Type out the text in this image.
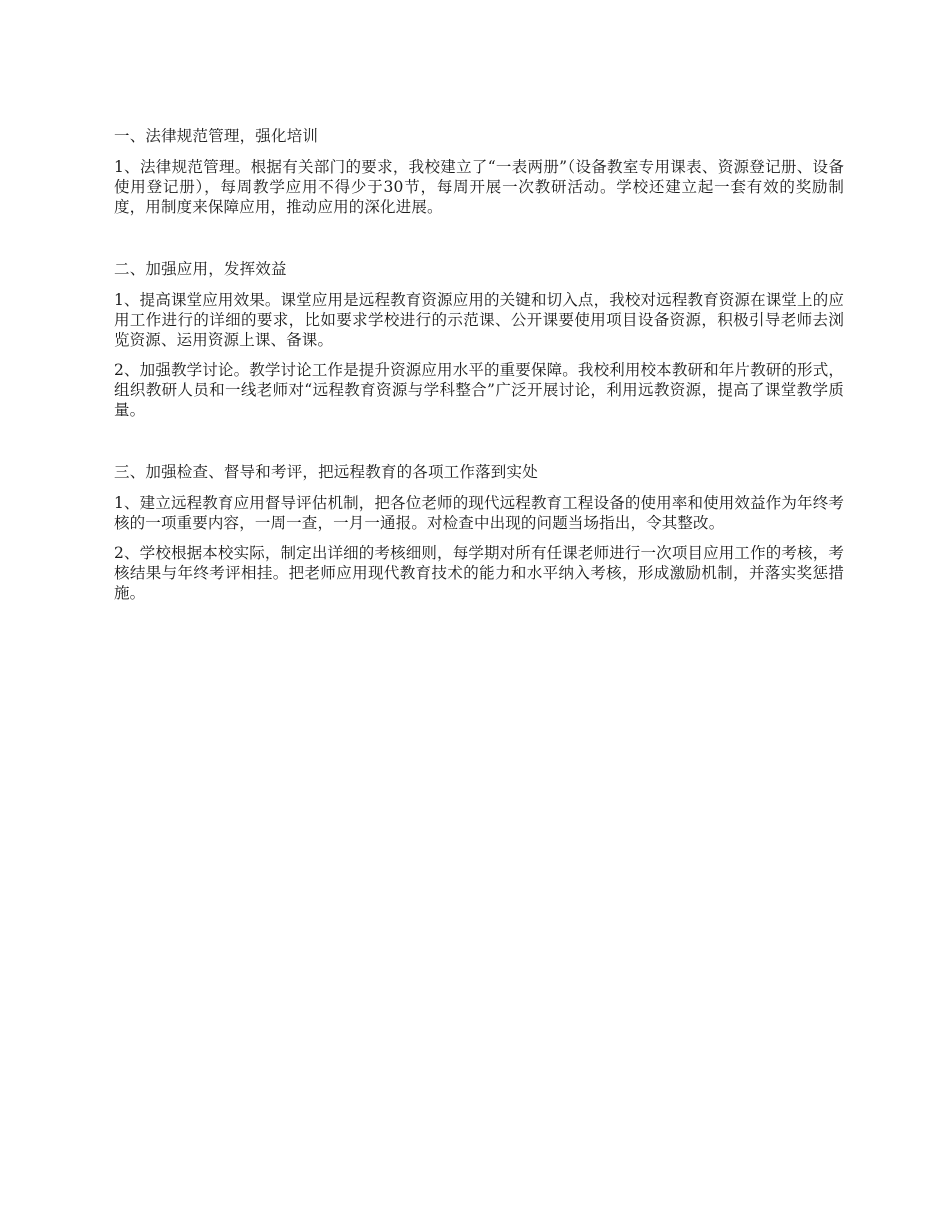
一、法律规范管理，强化培训

1、法律规范管理。根据有关部门的要求，我校建立了“一表两册”（设备教室专用课表、资源登记册、设备使用登记册），每周教学应用不得少于30节，每周开展一次教研活动。学校还建立起一套有效的奖励制度，用制度来保障应用，推动应用的深化进展。

二、加强应用，发挥效益

1、提高课堂应用效果。课堂应用是远程教育资源应用的关键和切入点，我校对远程教育资源在课堂上的应用工作进行的详细的要求，比如要求学校进行的示范课、公开课要使用项目设备资源，积极引导老师去浏览资源、运用资源上课、备课。

2、加强教学讨论。教学讨论工作是提升资源应用水平的重要保障。我校利用校本教研和年片教研的形式，组织教研人员和一线老师对“远程教育资源与学科整合”广泛开展讨论，利用远教资源，提高了课堂教学质量。

三、加强检查、督导和考评，把远程教育的各项工作落到实处

1、建立远程教育应用督导评估机制，把各位老师的现代远程教育工程设备的使用率和使用效益作为年终考核的一项重要内容，一周一查，一月一通报。对检查中出现的问题当场指出，令其整改。

2、学校根据本校实际，制定出详细的考核细则，每学期对所有任课老师进行一次项目应用工作的考核，考核结果与年终考评相挂。把老师应用现代教育技术的能力和水平纳入考核，形成激励机制，并落实奖惩措施。
